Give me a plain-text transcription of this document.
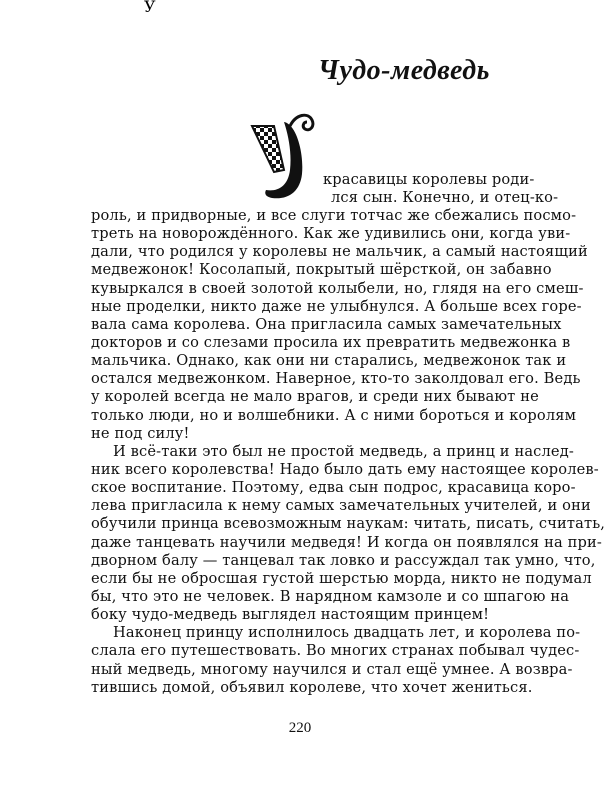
Чудо-медведь
У
красавицы королевы роди-
лся сын. Конечно, и отец-ко-
роль, и придворные, и все слуги тотчас же сбежались посмо-
треть на новорождённого. Как же удивились они, когда уви-
дали, что родился у королевы не мальчик, а самый настоящий
медвежонок! Косолапый, покрытый шёрсткой, он забавно
кувыркался в своей золотой колыбели, но, глядя на его смеш-
ные проделки, никто даже не улыбнулся. А больше всех горе-
вала сама королева. Она пригласила самых замечательных
докторов и со слезами просила их превратить медвежонка в
мальчика. Однако, как они ни старались, медвежонок так и
остался медвежонком. Наверное, кто-то заколдовал его. Ведь
у королей всегда не мало врагов, и среди них бывают не
только люди, но и волшебники. А с ними бороться и королям
не под силу!
И всё-таки это был не простой медведь, а принц и наслед-
ник всего королевства! Надо было дать ему настоящее королев-
ское воспитание. Поэтому, едва сын подрос, красавица коро-
лева пригласила к нему самых замечательных учителей, и они
обучили принца всевозможным наукам: читать, писать, считать,
даже танцевать научили медведя! И когда он появлялся на при-
дворном балу — танцевал так ловко и рассуждал так умно, что,
если бы не обросшая густой шерстью морда, никто не подумал
бы, что это не человек. В нарядном камзоле и со шпагою на
боку чудо-медведь выглядел настоящим принцем!
Наконец принцу исполнилось двадцать лет, и королева по-
слала его путешествовать. Во многих странах побывал чудес-
ный медведь, многому научился и стал ещё умнее. А возвра-
тившись домой, объявил королеве, что хочет жениться.
220
